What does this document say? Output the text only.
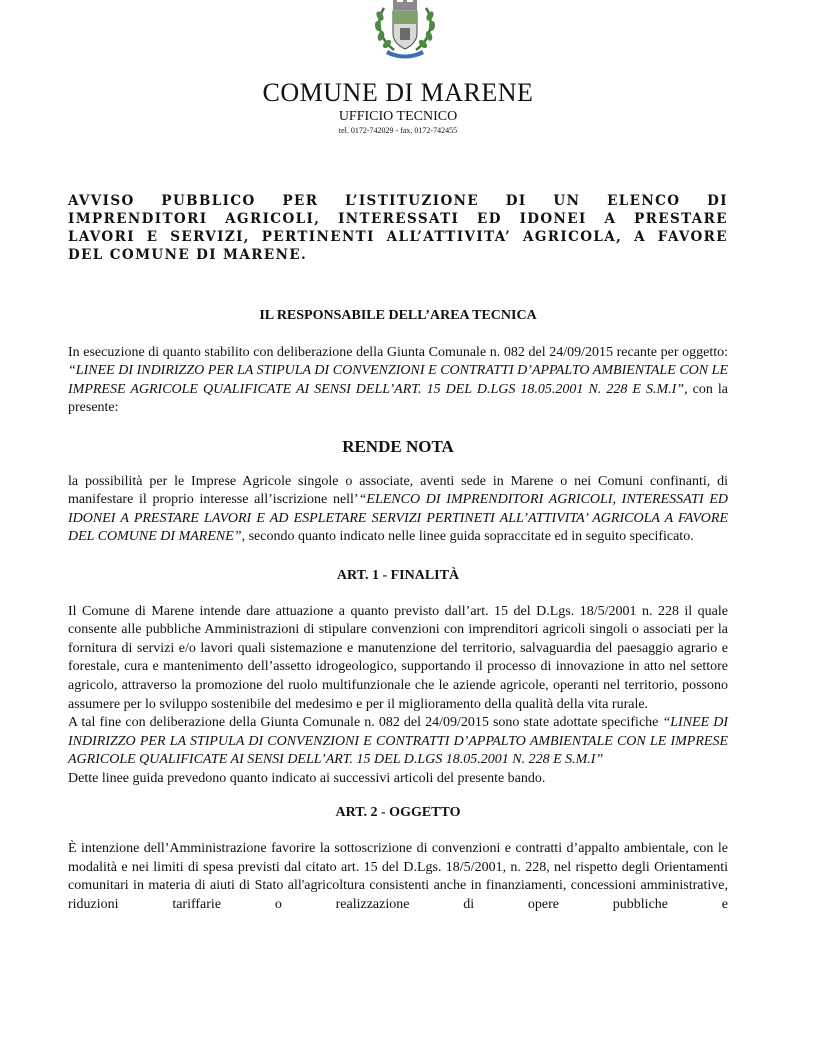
COMUNE DI MARENE
UFFICIO TECNICO
tel. 0172-742029 - fax. 0172-742455

AVVISO PUBBLICO PER L’ISTITUZIONE DI UN ELENCO DI IMPRENDITORI AGRICOLI, INTERESSATI ED IDONEI A PRESTARE LAVORI E SERVIZI, PERTINENTI ALL’ATTIVITA’ AGRICOLA, A FAVORE DEL COMUNE DI MARENE.

IL RESPONSABILE DELL’AREA TECNICA

In esecuzione di quanto stabilito con deliberazione della Giunta Comunale n. 082 del 24/09/2015 recante per oggetto: “LINEE DI INDIRIZZO PER LA STIPULA DI CONVENZIONI E CONTRATTI D’APPALTO AMBIENTALE CON LE IMPRESE AGRICOLE QUALIFICATE AI SENSI DELL’ART. 15 DEL D.LGS 18.05.2001 N. 228 E S.M.I”, con la presente:

RENDE NOTA

la possibilità per le Imprese Agricole singole o associate, aventi sede in Marene o nei Comuni confinanti, di manifestare il proprio interesse all’iscrizione nell’“ELENCO DI IMPRENDITORI AGRICOLI, INTERESSATI ED IDONEI A PRESTARE LAVORI E AD ESPLETARE SERVIZI PERTINETI ALL’ATTIVITA’ AGRICOLA A FAVORE DEL COMUNE DI MARENE”, secondo quanto indicato nelle linee guida sopraccitate ed in seguito specificato.

ART. 1 - FINALITÀ

Il Comune di Marene intende dare attuazione a quanto previsto dall’art. 15 del D.Lgs. 18/5/2001 n. 228 il quale consente alle pubbliche Amministrazioni di stipulare convenzioni con imprenditori agricoli singoli o associati per la fornitura di servizi e/o lavori quali sistemazione e manutenzione del territorio, salvaguardia del paesaggio agrario e forestale, cura e mantenimento dell’assetto idrogeologico, supportando il processo di innovazione in atto nel settore agricolo, attraverso la promozione del ruolo multifunzionale che le aziende agricole, operanti nel territorio, possono assumere per lo sviluppo sostenibile del medesimo e per il miglioramento della qualità della vita rurale.

A tal fine con deliberazione della Giunta Comunale n. 082 del 24/09/2015 sono state adottate specifiche “LINEE DI INDIRIZZO PER LA STIPULA DI CONVENZIONI E CONTRATTI D’APPALTO AMBIENTALE CON LE IMPRESE AGRICOLE QUALIFICATE AI SENSI DELL’ART. 15 DEL D.LGS 18.05.2001 N. 228 E S.M.I”

Dette linee guida prevedono quanto indicato ai successivi articoli del presente bando.

ART. 2 - OGGETTO

È intenzione dell’Amministrazione favorire la sottoscrizione di convenzioni e contratti d’appalto ambientale, con le modalità e nei limiti di spesa previsti dal citato art. 15 del D.Lgs. 18/5/2001, n. 228, nel rispetto degli Orientamenti comunitari in materia di aiuti di Stato all'agricoltura consistenti anche in finanziamenti, concessioni amministrative, riduzioni tariffarie o realizzazione di opere pubbliche e
